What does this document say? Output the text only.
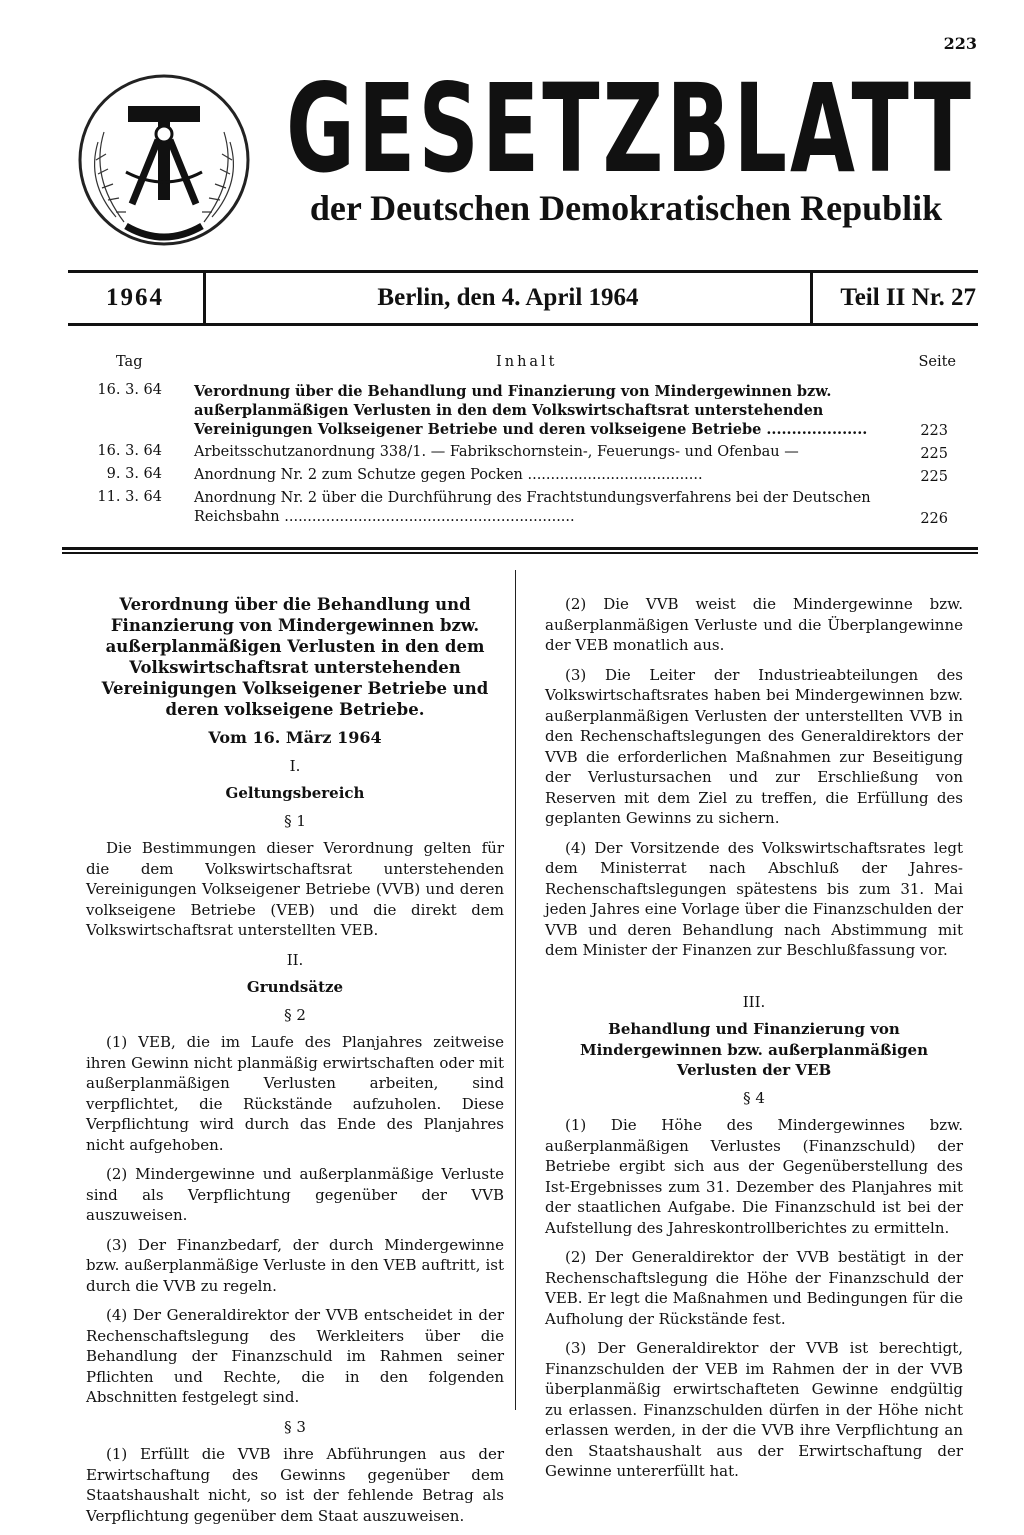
223
GESETZBLATT
der Deutschen Demokratischen Republik
1964	Berlin, den 4. April 1964	Teil II Nr. 27
Tag	Inhalt	Seite
16. 3. 64 Verordnung über die Behandlung und Finanzierung von Mindergewinnen bzw. außerplanmäßigen Verlusten in den dem Volkswirtschaftsrat unterstehenden Vereinigungen Volkseigener Betriebe und deren volkseigene Betriebe ....................	223
16. 3. 64 Arbeitsschutzanordnung 338/1. — Fabrikschornstein-, Feuerungs- und Ofenbau —	225
9. 3. 64 Anordnung Nr. 2 zum Schutze gegen Pocken ......................................	225
11. 3. 64 Anordnung Nr. 2 über die Durchführung des Frachtstundungsverfahrens bei der Deutschen Reichsbahn ...............................................................	226
Verordnung über die Behandlung und Finanzierung von Mindergewinnen bzw. außerplanmäßigen Verlusten in den dem Volkswirtschaftsrat unterstehenden Vereinigungen Volkseigener Betriebe und deren volkseigene Betriebe.
Vom 16. März 1964
I.
Geltungsbereich
§ 1

Die Bestimmungen dieser Verordnung gelten für die dem Volkswirtschaftsrat unterstehenden Vereinigungen Volkseigener Betriebe (VVB) und deren volkseigene Betriebe (VEB) und die direkt dem Volkswirtschaftsrat unterstellten VEB.

II.
Grundsätze
§ 2

(1) VEB, die im Laufe des Planjahres zeitweise ihren Gewinn nicht planmäßig erwirtschaften oder mit außerplanmäßigen Verlusten arbeiten, sind verpflichtet, die Rückstände aufzuholen. Diese Verpflichtung wird durch das Ende des Planjahres nicht aufgehoben.

(2) Mindergewinne und außerplanmäßige Verluste sind als Verpflichtung gegenüber der VVB auszuweisen.

(3) Der Finanzbedarf, der durch Mindergewinne bzw. außerplanmäßige Verluste in den VEB auftritt, ist durch die VVB zu regeln.

(4) Der Generaldirektor der VVB entscheidet in der Rechenschaftslegung des Werkleiters über die Behandlung der Finanzschuld im Rahmen seiner Pflichten und Rechte, die in den folgenden Abschnitten festgelegt sind.

§ 3

(1) Erfüllt die VVB ihre Abführungen aus der Erwirtschaftung des Gewinns gegenüber dem Staatshaushalt nicht, so ist der fehlende Betrag als Verpflichtung gegenüber dem Staat auszuweisen.

(2) Die VVB weist die Mindergewinne bzw. außerplanmäßigen Verluste und die Überplangewinne der VEB monatlich aus.

(3) Die Leiter der Industrieabteilungen des Volkswirtschaftsrates haben bei Mindergewinnen bzw. außerplanmäßigen Verlusten der unterstellten VVB in den Rechenschaftslegungen des Generaldirektors der VVB die erforderlichen Maßnahmen zur Beseitigung der Verlustursachen und zur Erschließung von Reserven mit dem Ziel zu treffen, die Erfüllung des geplanten Gewinns zu sichern.

(4) Der Vorsitzende des Volkswirtschaftsrates legt dem Ministerrat nach Abschluß der Jahres-Rechenschaftslegungen spätestens bis zum 31. Mai jeden Jahres eine Vorlage über die Finanzschulden der VVB und deren Behandlung nach Abstimmung mit dem Minister der Finanzen zur Beschlußfassung vor.

III.
Behandlung und Finanzierung von Mindergewinnen bzw. außerplanmäßigen Verlusten der VEB
§ 4

(1) Die Höhe des Mindergewinnes bzw. außerplanmäßigen Verlustes (Finanzschuld) der Betriebe ergibt sich aus der Gegenüberstellung des Ist-Ergebnisses zum 31. Dezember des Planjahres mit der staatlichen Aufgabe. Die Finanzschuld ist bei der Aufstellung des Jahreskontrollberichtes zu ermitteln.

(2) Der Generaldirektor der VVB bestätigt in der Rechenschaftslegung die Höhe der Finanzschuld der VEB. Er legt die Maßnahmen und Bedingungen für die Aufholung der Rückstände fest.

(3) Der Generaldirektor der VVB ist berechtigt, Finanzschulden der VEB im Rahmen der in der VVB überplanmäßig erwirtschafteten Gewinne endgültig zu erlassen. Finanzschulden dürfen in der Höhe nicht erlassen werden, in der die VVB ihre Verpflichtung an den Staatshaushalt aus der Erwirtschaftung der Gewinne untererfüllt hat.
